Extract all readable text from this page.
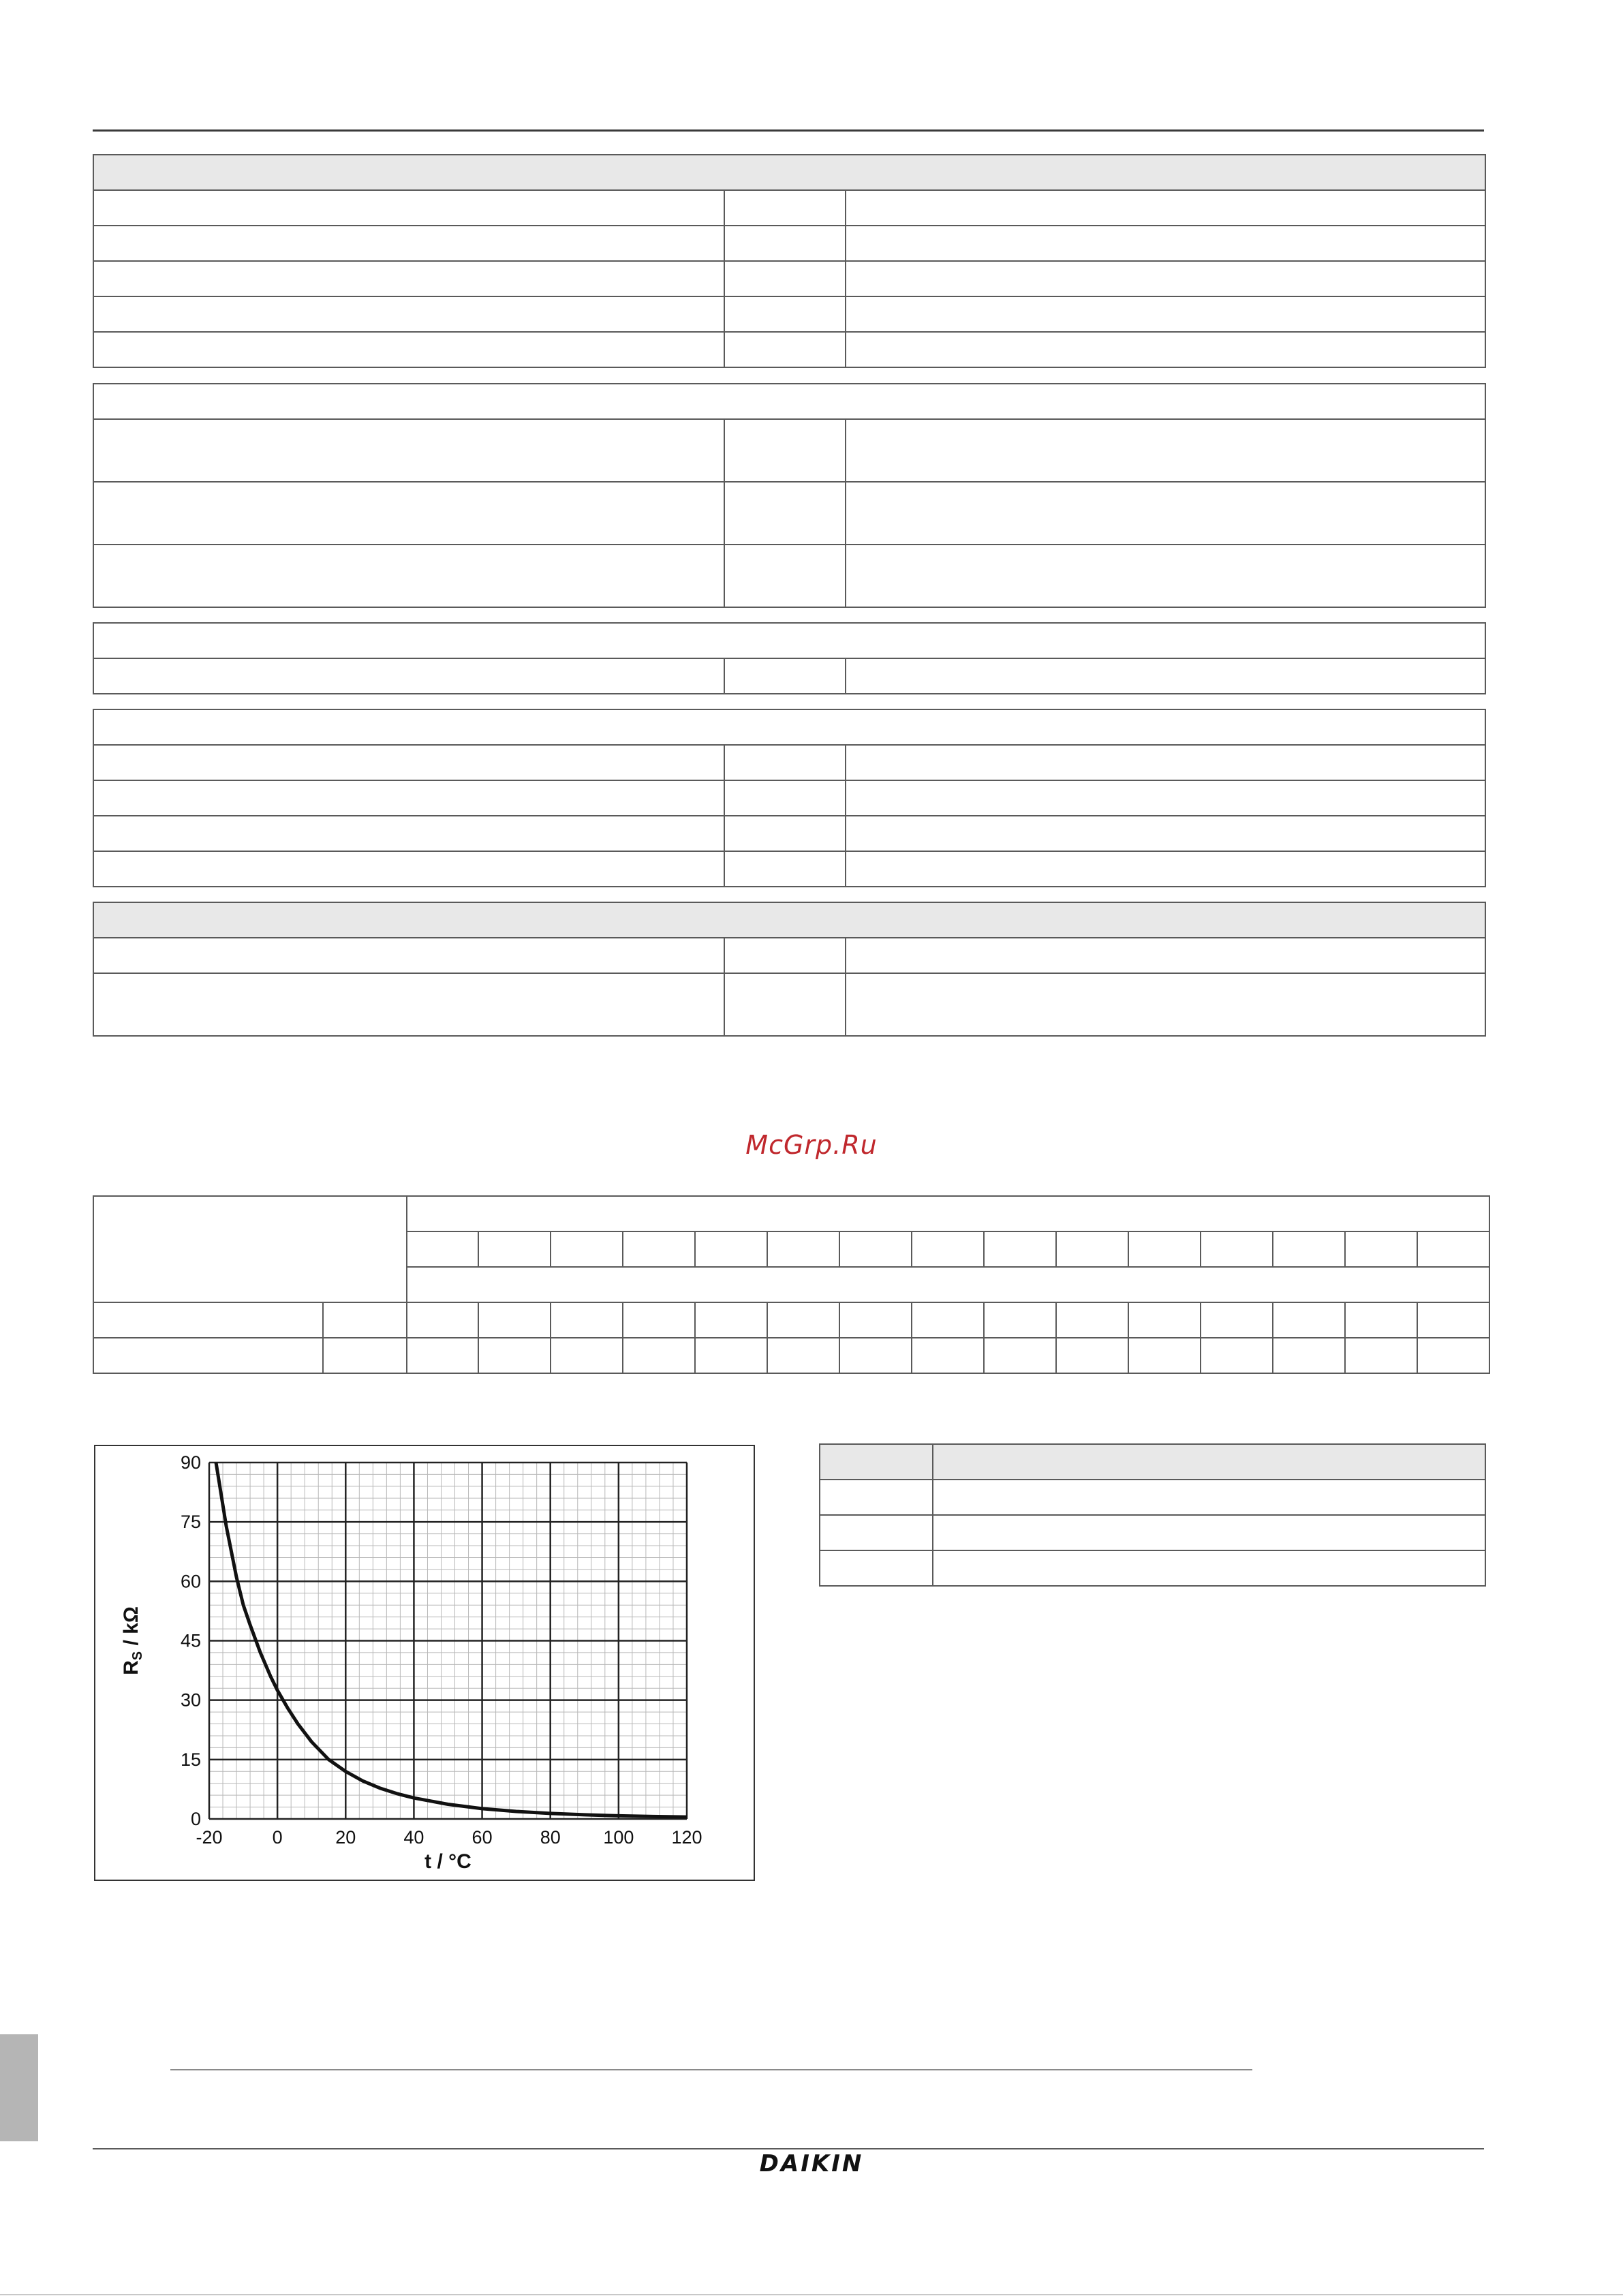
McGrp.Ru

-20	0	20	40	60	80 100 120
0
15
30
45
60
75
90
t / °C
$R_S$ / kΩ

DAIKIN
